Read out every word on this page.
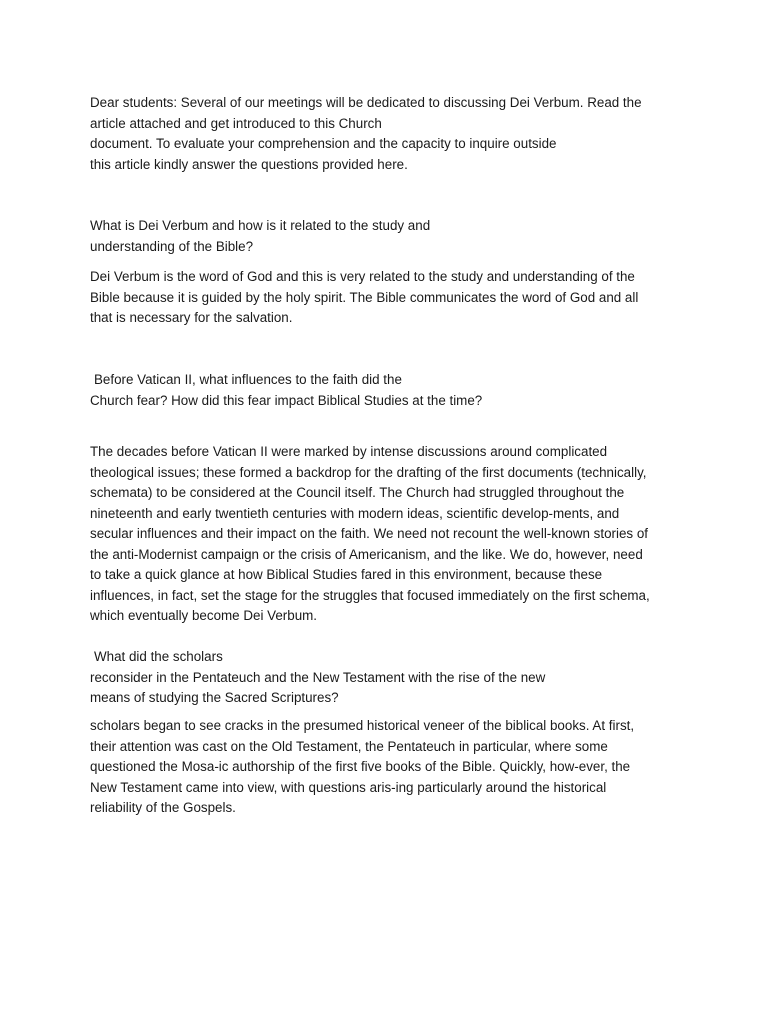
Dear students: Several of our meetings will be dedicated to discussing Dei Verbum. Read the
article attached and get introduced to this Church
document. To evaluate your comprehension and the capacity to inquire outside
this article kindly answer the questions provided here.
What is Dei Verbum and how is it related to the study and
understanding of the Bible?
Dei Verbum is the word of God and this is very related to the study and understanding of the
Bible because it is guided by the holy spirit. The Bible communicates the word of God and all
that is necessary for the salvation.
Before Vatican II, what influences to the faith did the
Church fear? How did this fear impact Biblical Studies at the time?
The decades before Vatican II were marked by intense discussions around complicated
theological issues; these formed a backdrop for the drafting of the first documents (technically,
schemata) to be considered at the Council itself. The Church had struggled throughout the
nineteenth and early twentieth centuries with modern ideas, scientific develop-ments, and
secular influences and their impact on the faith. We need not recount the well-known stories of
the anti-Modernist campaign or the crisis of Americanism, and the like. We do, however, need
to take a quick glance at how Biblical Studies fared in this environment, because these
influences, in fact, set the stage for the struggles that focused immediately on the first schema,
which eventually become Dei Verbum.
What did the scholars
reconsider in the Pentateuch and the New Testament with the rise of the new
means of studying the Sacred Scriptures?
scholars began to see cracks in the presumed historical veneer of the biblical books. At first,
their attention was cast on the Old Testament, the Pentateuch in particular, where some
questioned the Mosa-ic authorship of the first five books of the Bible. Quickly, how-ever, the
New Testament came into view, with questions aris-ing particularly around the historical
reliability of the Gospels.
